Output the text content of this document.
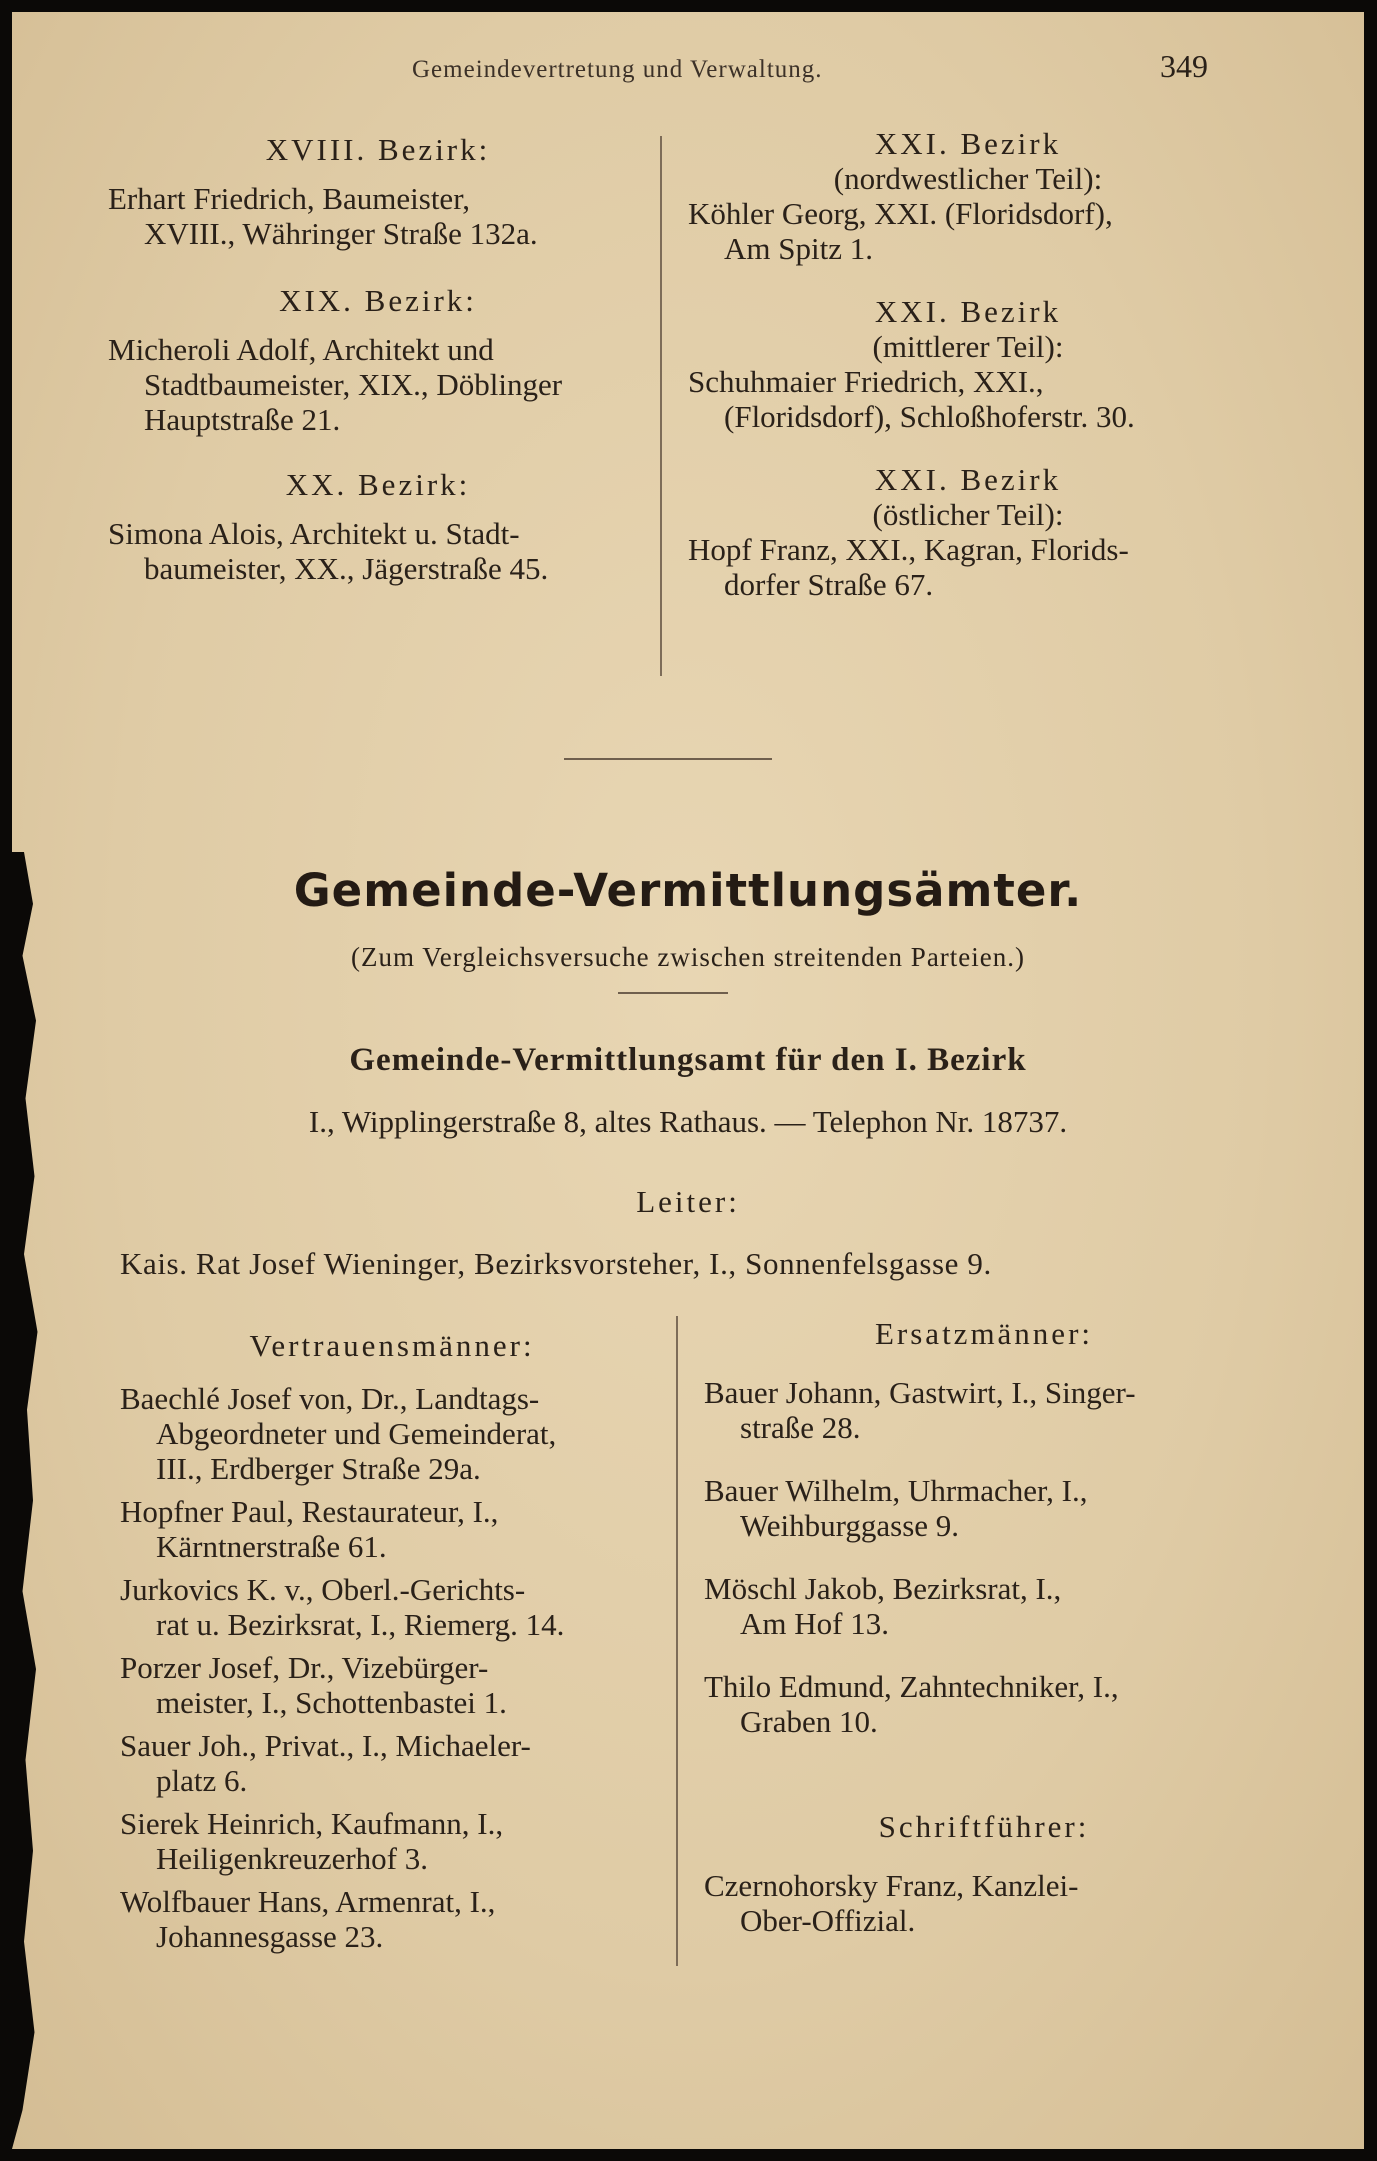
Gemeindevertretung und Verwaltung.	349
XVIII. Bezirk:
Erhart Friedrich, Baumeister,
XVIII., Währinger Straße 132a.
XIX. Bezirk:
Micheroli Adolf, Architekt und
Stadtbaumeister, XIX., Döblinger
Hauptstraße 21.
XX. Bezirk:
Simona Alois, Architekt u. Stadt-
baumeister, XX., Jägerstraße 45.
XXI. Bezirk
(nordwestlicher Teil):
Köhler Georg, XXI. (Floridsdorf),
Am Spitz 1.
XXI. Bezirk
(mittlerer Teil):
Schuhmaier Friedrich, XXI.,
(Floridsdorf), Schloßhoferstr. 30.
XXI. Bezirk
(östlicher Teil):
Hopf Franz, XXI., Kagran, Florids-
dorfer Straße 67.
Gemeinde-Vermittlungsämter.
(Zum Vergleichsversuche zwischen streitenden Parteien.)
Gemeinde-Vermittlungsamt für den I. Bezirk
I., Wipplingerstraße 8, altes Rathaus. — Telephon Nr. 18737.
Leiter:
Kais. Rat Josef Wieninger, Bezirksvorsteher, I., Sonnenfelsgasse 9.
Vertrauensmänner:
Baechlé Josef von, Dr., Landtags-
Abgeordneter und Gemeinderat,
III., Erdberger Straße 29a.
Hopfner Paul, Restaurateur, I.,
Kärntnerstraße 61.
Jurkovics K. v., Oberl.-Gerichts-
rat u. Bezirksrat, I., Riemerg. 14.
Porzer Josef, Dr., Vizebürger-
meister, I., Schottenbastei 1.
Sauer Joh., Privat., I., Michaeler-
platz 6.
Sierek Heinrich, Kaufmann, I.,
Heiligenkreuzerhof 3.
Wolfbauer Hans, Armenrat, I.,
Johannesgasse 23.
Ersatzmänner:
Bauer Johann, Gastwirt, I., Singer-
straße 28.
Bauer Wilhelm, Uhrmacher, I.,
Weihburggasse 9.
Möschl Jakob, Bezirksrat, I.,
Am Hof 13.
Thilo Edmund, Zahntechniker, I.,
Graben 10.
Schriftführer:
Czernohorsky Franz, Kanzlei-
Ober-Offizial.
